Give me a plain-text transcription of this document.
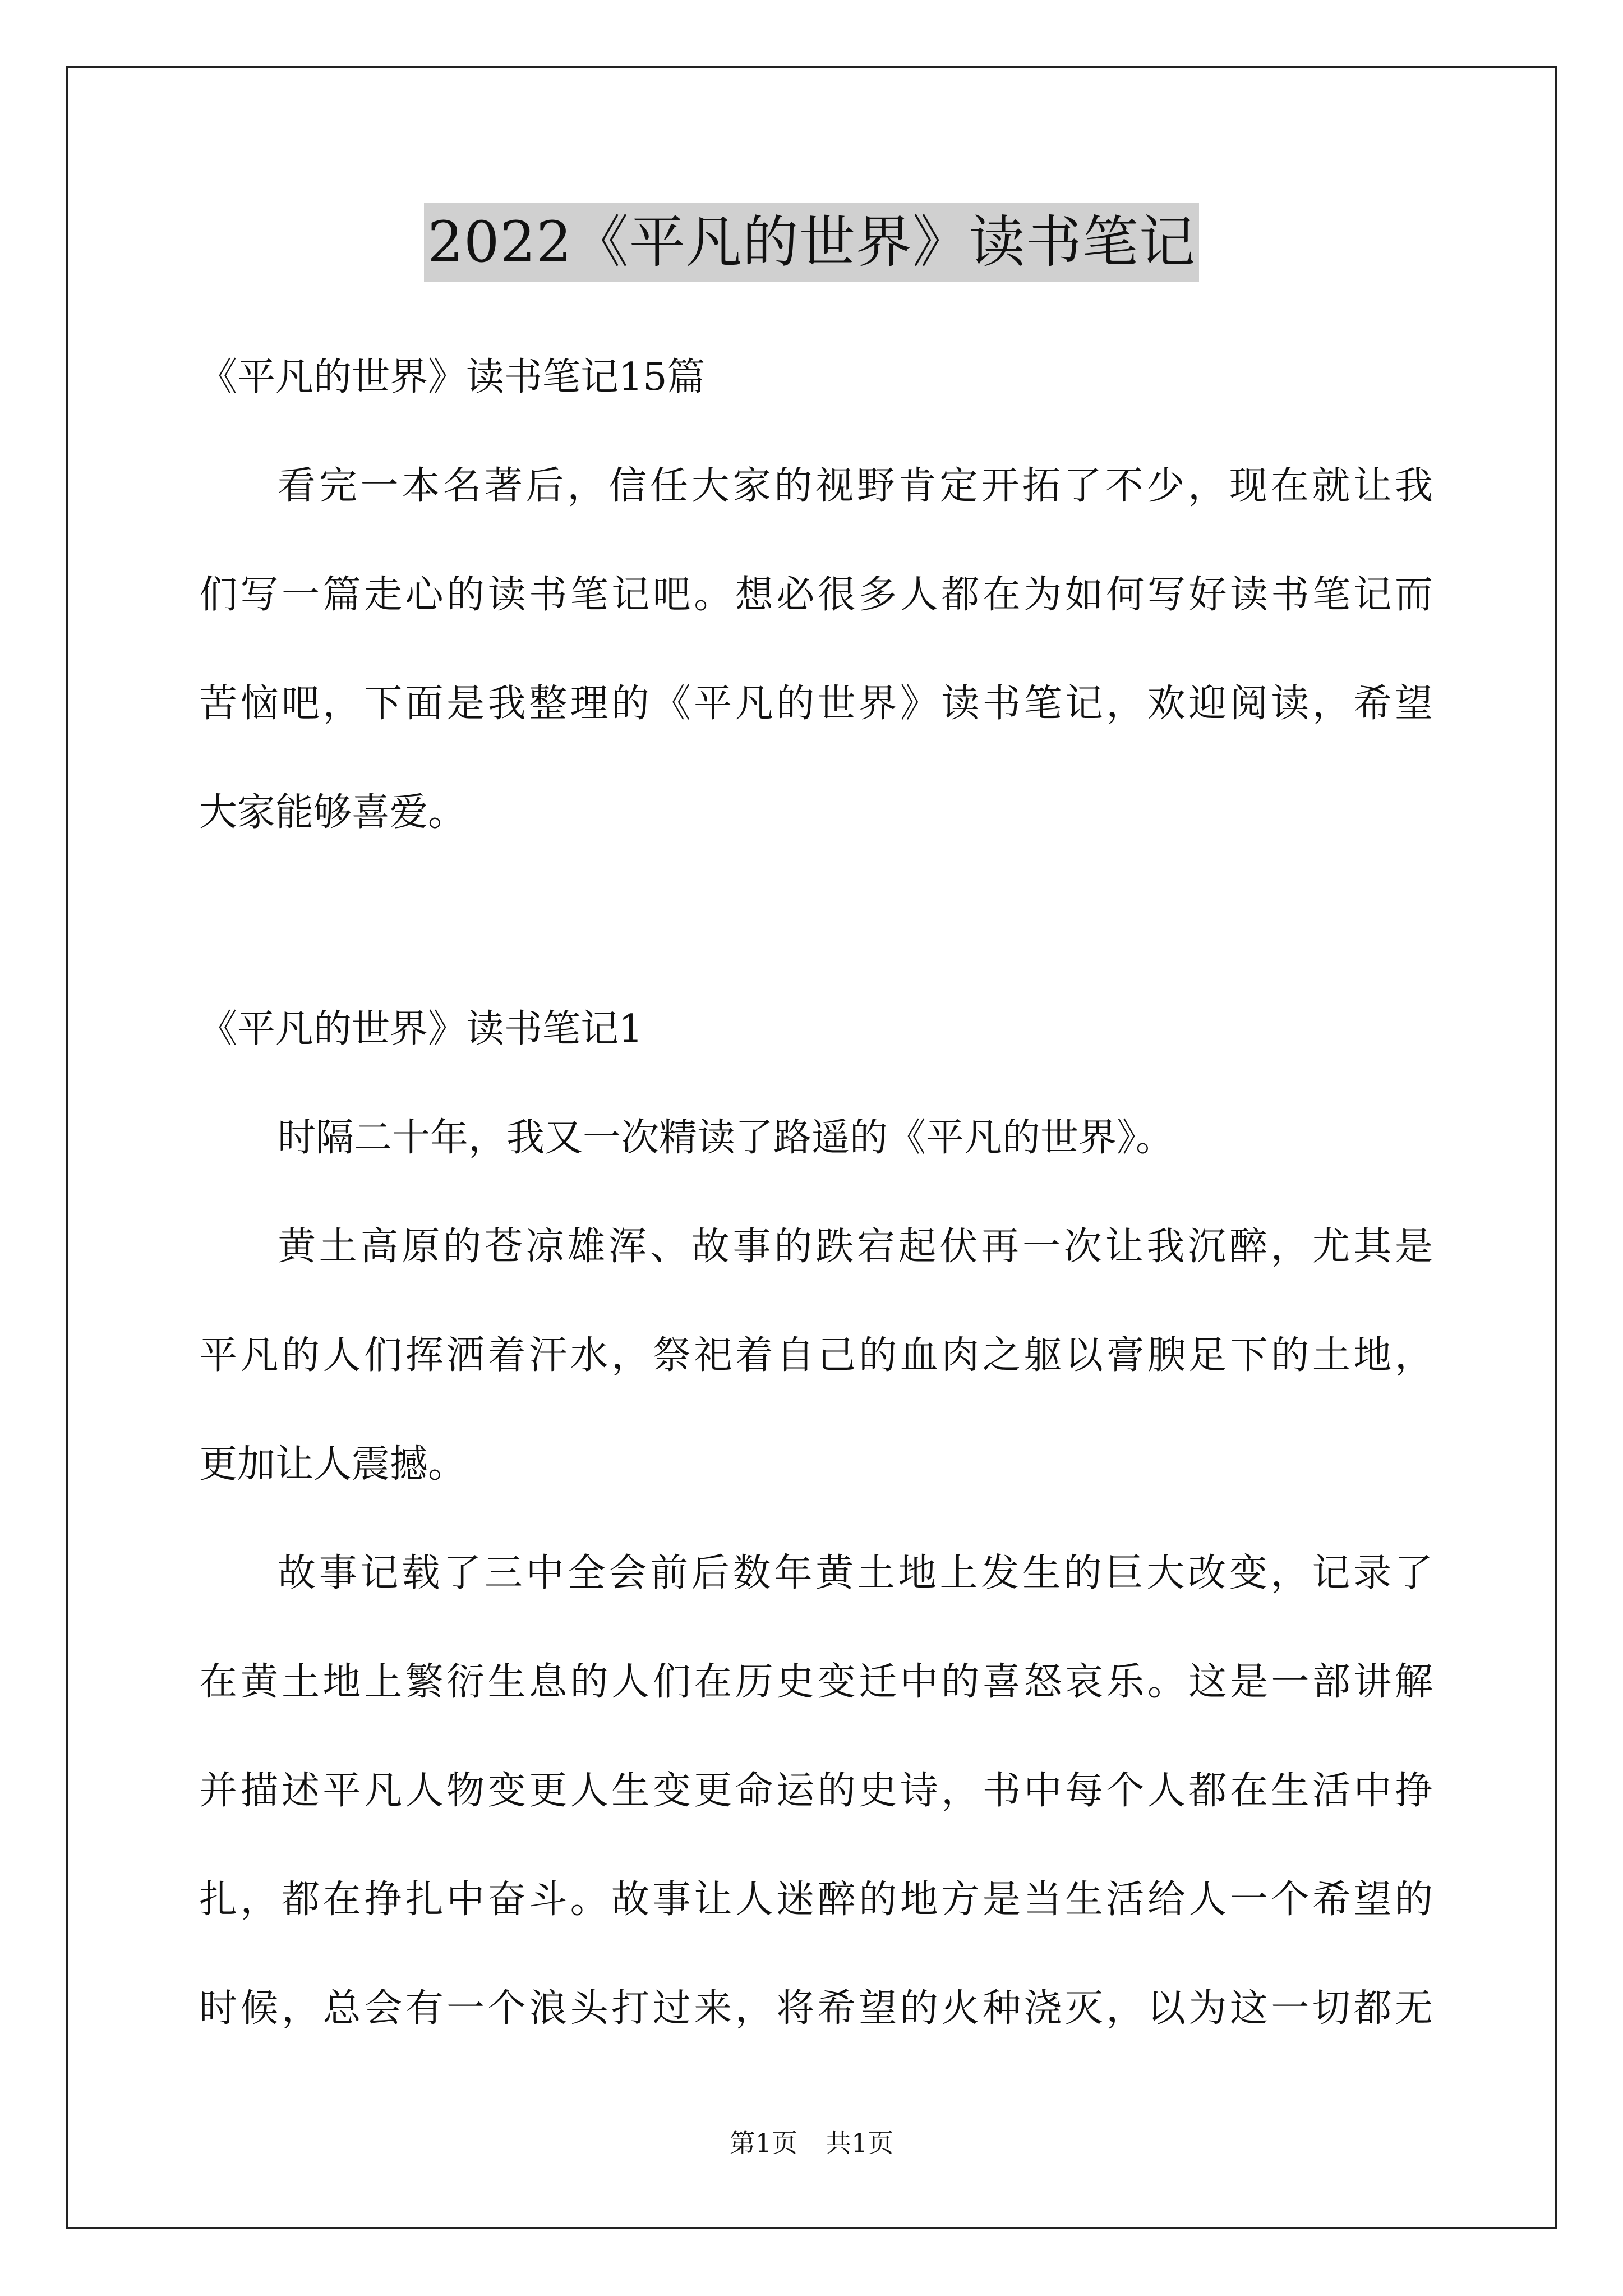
2022《平凡的世界》读书笔记
《平凡的世界》读书笔记15篇
看完一本名著后，信任大家的视野肯定开拓了不少，现在就让我
们写一篇走心的读书笔记吧。想必很多人都在为如何写好读书笔记而
苦恼吧，下面是我整理的《平凡的世界》读书笔记，欢迎阅读，希望
大家能够喜爱。
《平凡的世界》读书笔记1
时隔二十年，我又一次精读了路遥的《平凡的世界》。
黄土高原的苍凉雄浑、故事的跌宕起伏再一次让我沉醉，尤其是
平凡的人们挥洒着汗水，祭祀着自己的血肉之躯以膏腴足下的土地，
更加让人震撼。
故事记载了三中全会前后数年黄土地上发生的巨大改变，记录了
在黄土地上繁衍生息的人们在历史变迁中的喜怒哀乐。这是一部讲解
并描述平凡人物变更人生变更命运的史诗，书中每个人都在生活中挣
扎，都在挣扎中奋斗。故事让人迷醉的地方是当生活给人一个希望的
时候，总会有一个浪头打过来，将希望的火种浇灭，以为这一切都无
第1页 共1页
